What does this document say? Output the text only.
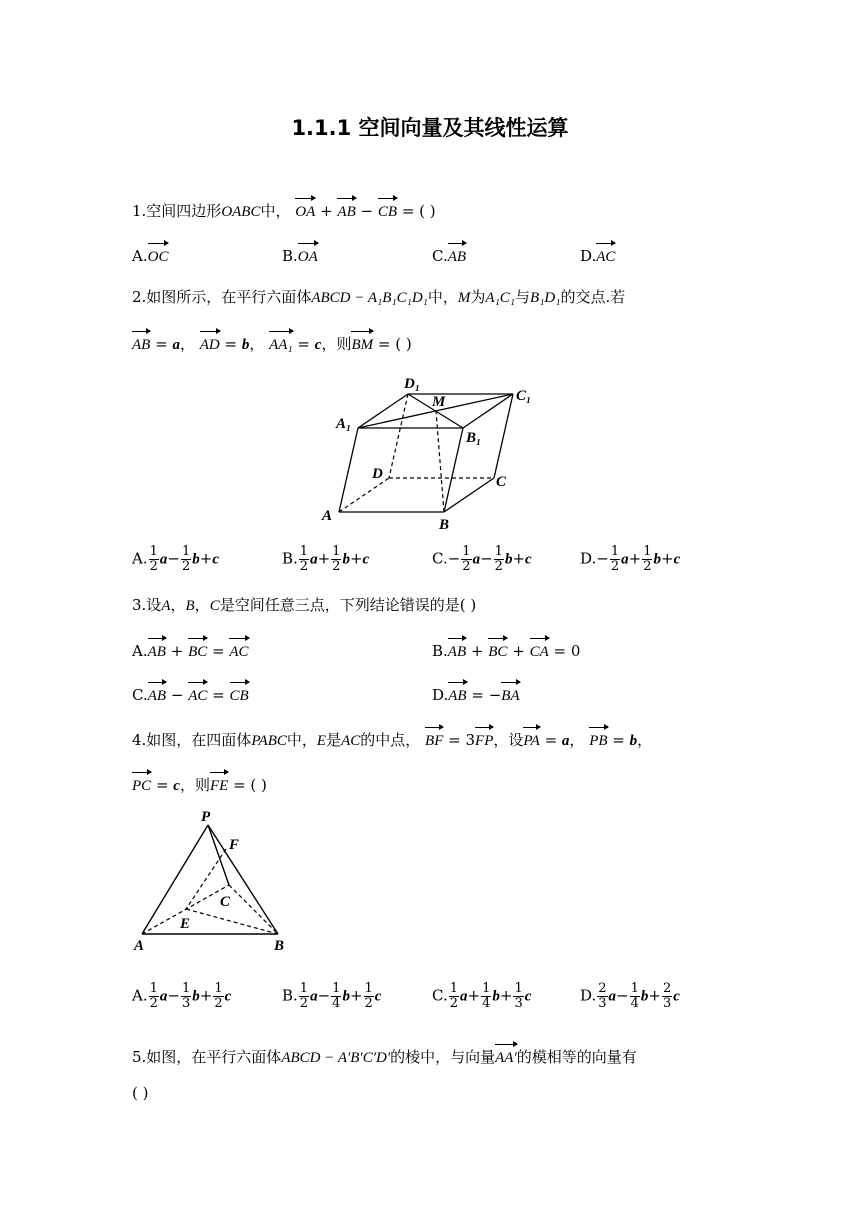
1.1.1 空间向量及其线性运算
1.空间四边形OABC中， OA + AB − CB = ( )
A.OC	B.OA	C.AB	D.AC
2.如图所示，在平行六面体ABCD − A₁B₁C₁D₁中，M为A₁C₁与B₁D₁的交点.若
AB = a， AD = b， AA₁ = c，则BM = ( )
D₁
C₁
M
A₁
B₁
D	C
A
B
A. $\frac{1}{2} a- \frac{1}{2} b+c$	B. $\frac{1}{2} a+ \frac{1}{2} b+c$	$C.- \frac{1}{2} a- \frac{1}{2} b+c$	$D.- \frac{1}{2} a+ \frac{1}{2} b+c$
3.设A，B，C是空间任意三点，下列结论错误的是( )
A.AB + BC = AC	B.AB + BC + CA = 0
C.AB − AC = CB	D.AB = −BA
4.如图，在四面体PABC中，E是AC的中点， BF = 3FP，设PA = a， PB = b，
PC = c，则FE = ( )
P
F
C
E
A	B
A. $\frac{1}{2} a- \frac{1}{3} b+ \frac{1}{2}$ c	B. $\frac{1}{2} a- \frac{1}{4} b+ \frac{1}{2}$ c	C. $\frac{1}{2} a+ \frac{1}{4} b+ \frac{1}{3}$ c	D. $\frac{2}{3} a- \frac{1}{4} b+ \frac{2}{3}$ c
5.如图，在平行六面体ABCD − A′B′C′D′的棱中，与向量AA′的模相等的向量有
( )
